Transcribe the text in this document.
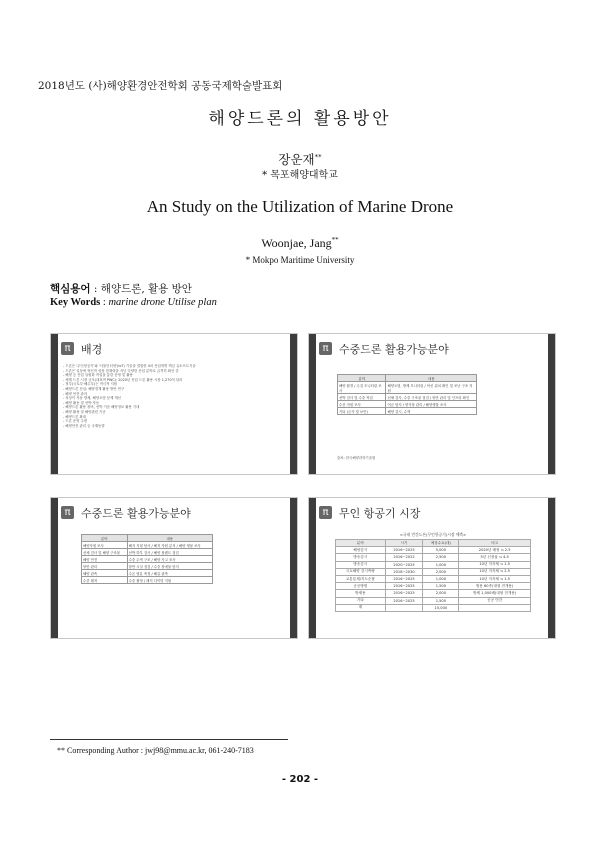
2018년도 (사)해양환경안전학회 공동국제학술발표회
해양드론의 활용방안
장운재**
* 목포해양대학교
An Study on the Utilization of Marine Drone
Woonjae, Jang**
* Mokpo Maritime University
핵심용어 : 해양드론, 활용 방안
Key Words : marine drone Utilise plan
π 배경
- 드론은 '무인항공기'와 '사물인터넷'(IoT) 기술을 결합한 4차 산업혁명 핵심 유소프트기술
- 드론은 일상에 혁신적 성장 잠재력을 지닌 다양한 산업 분야로 급격히 확산 중
- 해양 등 산업 일원화 작업을 통한 운영 및 활용
- 세계 드론 시장 규모(대표적 PWC): 2020년 산업 드론 활용 시장 1,270억 달러
- 정부(국토부·해수부)는 적극적 지원
- 해양드론 산업: 해양경계 활용 방안 연구
- 해양 안전 관리
- 육상이 자동 방제, 해양오염 문제 개선
- 해양 활동 및 선박 자동
- 해양드론 활용 장비, 선박 기준 해양정보 활용 기대
- 해양 활용 및 해양관련 기준
- 해양드론 확대
- 드론 운영 주변
- 해양안전 관리 등 국제동향
π 수중드론 활용가능분야
분야	내용
해양 환경 / 수질 모니터링 조사	해양오염, 방제 모니터링 / 어선 위치 확인 및 조난 구조 지원
선박 검사 및 수중 작업	선체 검사, 수중 구조물 점검 / 항만 관리 및 인프라 확인
수산 자원 조사	어군 탐지 / 양식장 관리 / 해양생물 조사
기타 (군사 및 보안)	해양 감시, 수색
출처: 한국해양과학기술원
π 수중드론 활용가능분야
분야	내용
해양자원 조사	해저 지형 탐사 / 해저 자원 분석 / 해양 생물 조사
선체 검사 및 해양 구조물	선박 하부 검사 / 해양 플랜트 점검
해양 안전	수중 수색 구조 / 해양 사고 조사
항만 관리	항만 시설 점검 / 수중 장애물 탐지
해양 관측	수온 염분 측정 / 해류 관측
수중 레저	수중 촬영 / 레저 다이빙 지원
π 무인 항공기 시장
<국내 민간드론(무인항공기)시장 예측>
분야	시기	예상수요(대)	비고
해양감시	2016~2025	5,000	2020년 배정 ≒ 2.5
방송감시	2016~2022	2,500	5년 신장율 ≒ 4.5
방송감시	2020~2025	1,000	10년 지자체 ≒ 1.5
국토해양 감시측량	2018~2030	2,000	10년 지자체 ≒ 2.5
교통통제/지도순찰	2016~2025	1,000	10년 지자체 ≒ 1.5
공공방범	2016~2025	1,500	범용 60종(대형 전개용)
방제용	2016~2025	2,000	방제 1,000배(대형 전개용)
기타	2016~2025	1,500	공공 민간
계		15,000	
** Corresponding Author : jwj98@mmu.ac.kr, 061-240-7183
- 202 -
